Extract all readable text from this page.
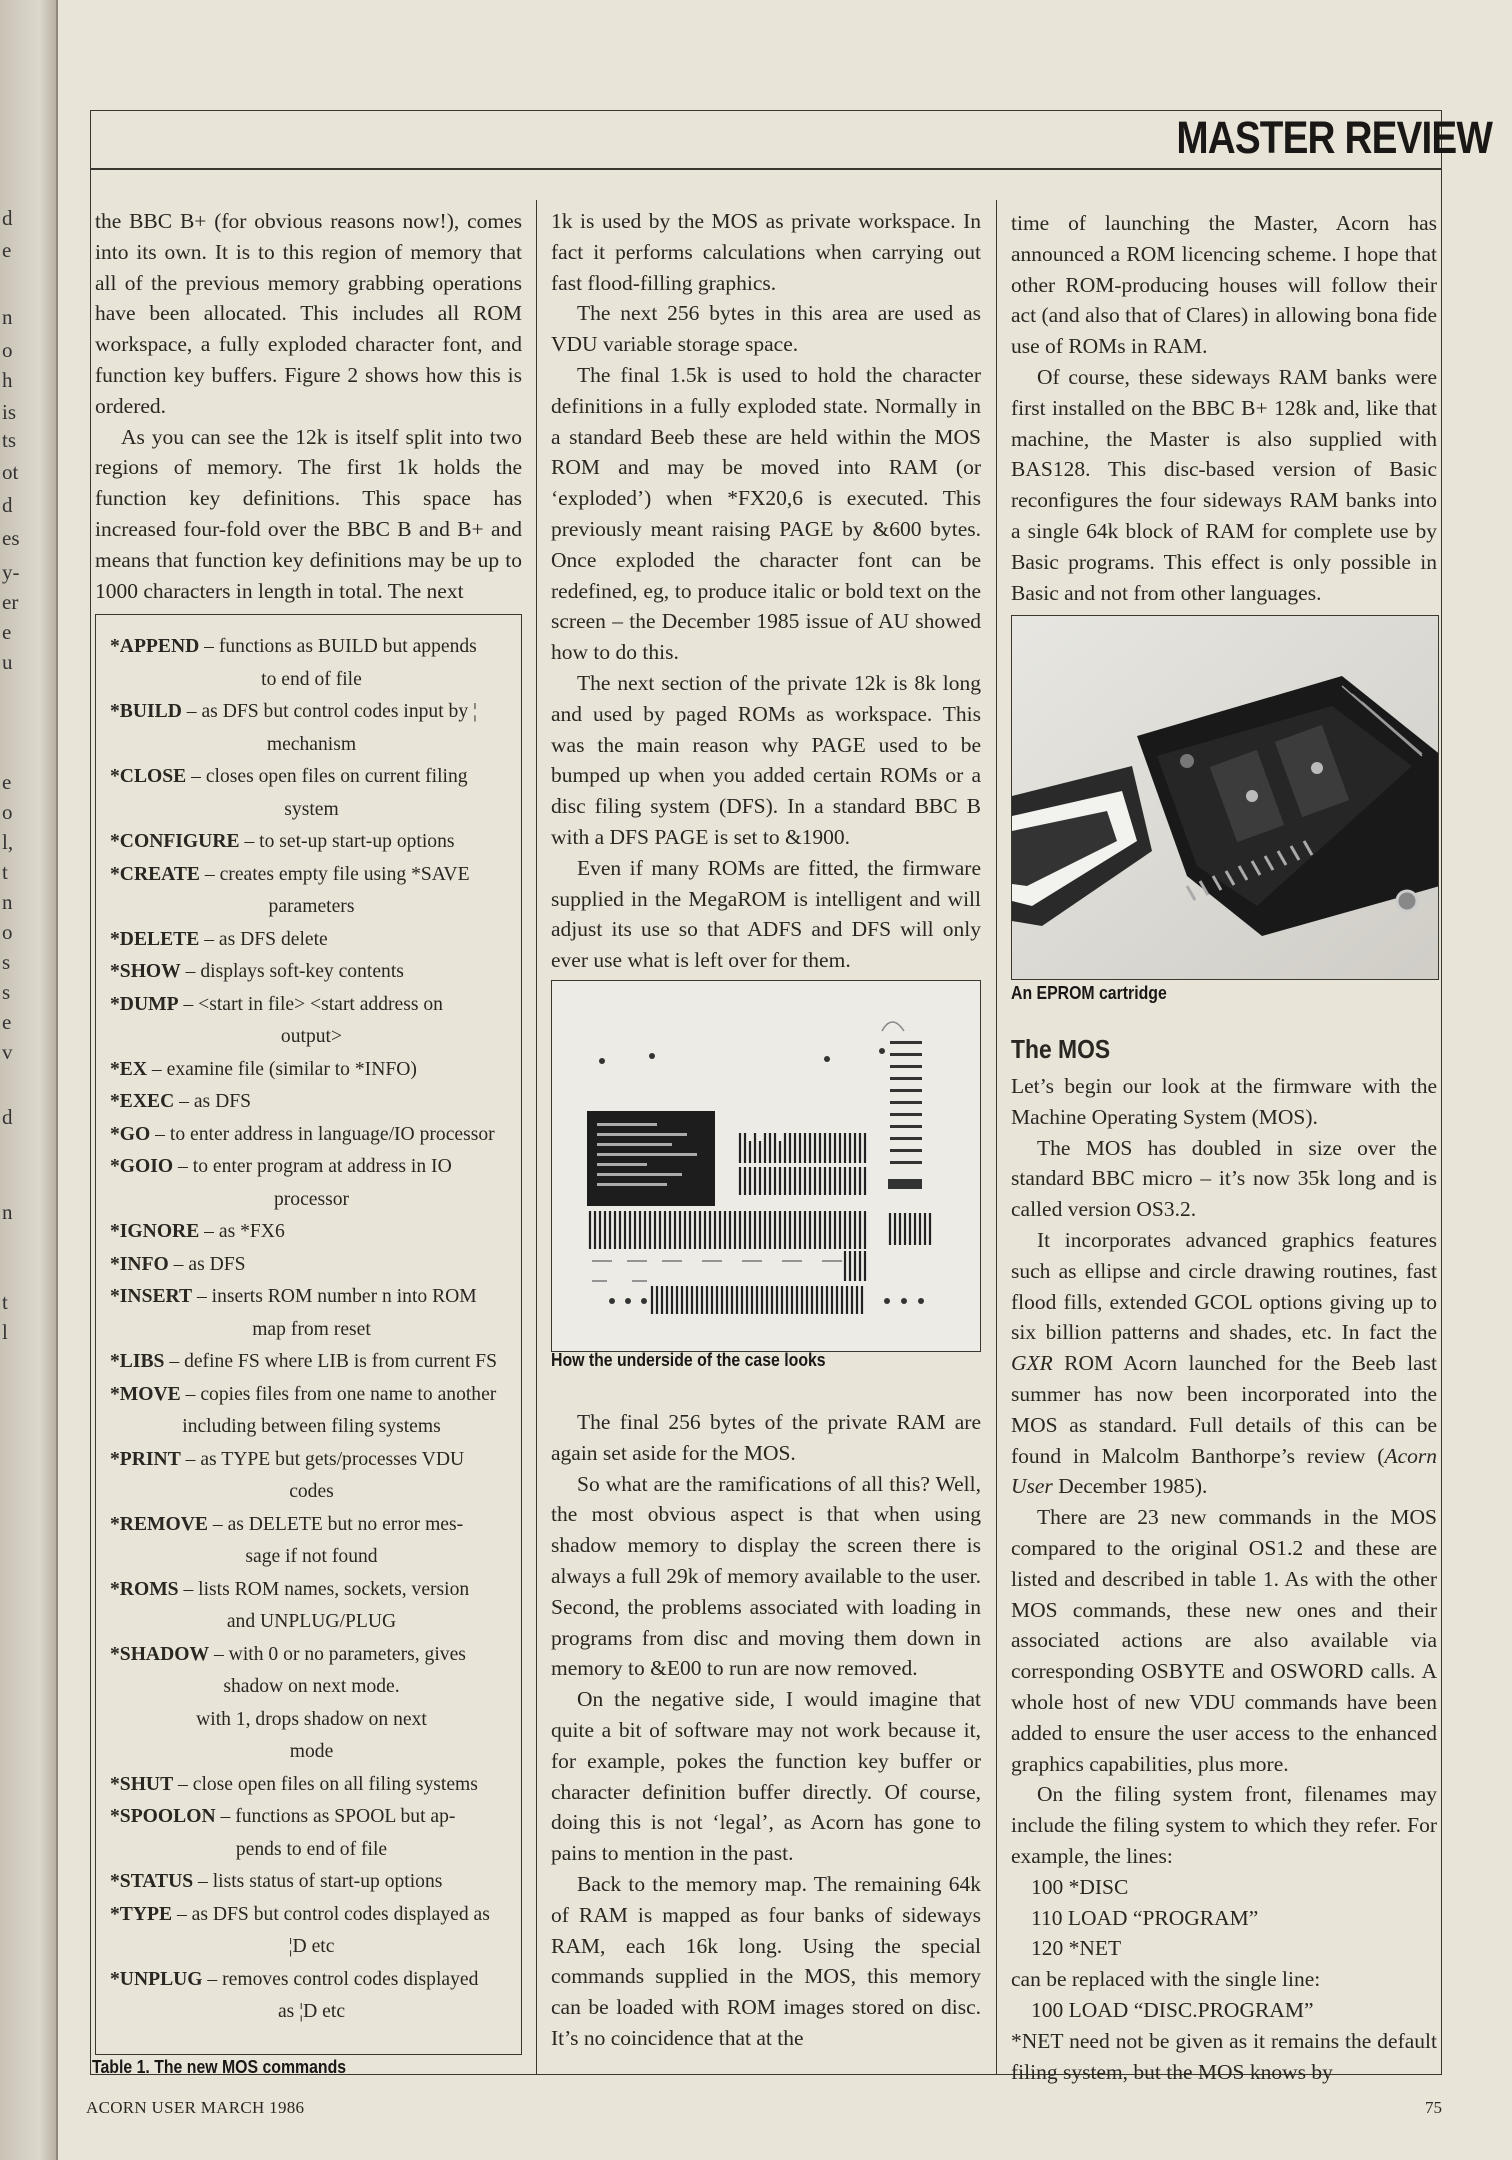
d
e
n
o
h
is
ts
ot
d
es
y-
er
e
u
e
o
l,
t
n
o
s
s
e
v
d
n
t
l
MASTER REVIEW

the BBC B+ (for obvious reasons now!), comes into its own. It is to this region of memory that all of the previous memory grabbing operations have been allocated. This includes all ROM workspace, a fully exploded character font, and function key buffers. Figure 2 shows how this is ordered.

As you can see the 12k is itself split into two regions of memory. The first 1k holds the function key definitions. This space has increased four-fold over the BBC B and B+ and means that function key definitions may be up to 1000 characters in length in total. The next

*APPEND – functions as BUILD but appends
to end of file
*BUILD – as DFS but control codes input by ¦
mechanism
*CLOSE – closes open files on current filing
system
*CONFIGURE – to set-up start-up options
*CREATE – creates empty file using *SAVE
parameters
*DELETE – as DFS delete
*SHOW – displays soft-key contents
*DUMP – <start in file> <start address on
output>
*EX – examine file (similar to *INFO)
*EXEC – as DFS
*GO – to enter address in language/IO processor
*GOIO – to enter program at address in IO
processor
*IGNORE – as *FX6
*INFO – as DFS
*INSERT – inserts ROM number n into ROM
map from reset
*LIBS – define FS where LIB is from current FS
*MOVE – copies files from one name to another
including between filing systems
*PRINT – as TYPE but gets/processes VDU
codes
*REMOVE – as DELETE but no error mes-
sage if not found
*ROMS – lists ROM names, sockets, version
and UNPLUG/PLUG
*SHADOW – with 0 or no parameters, gives
shadow on next mode.
with 1, drops shadow on next
mode
*SHUT – close open files on all filing systems
*SPOOLON – functions as SPOOL but ap-
pends to end of file
*STATUS – lists status of start-up options
*TYPE – as DFS but control codes displayed as
¦D etc
*UNPLUG – removes control codes displayed
as ¦D etc
Table 1. The new MOS commands

1k is used by the MOS as private workspace. In fact it performs calculations when carrying out fast flood-filling graphics.

The next 256 bytes in this area are used as VDU variable storage space.

The final 1.5k is used to hold the character definitions in a fully exploded state. Normally in a standard Beeb these are held within the MOS ROM and may be moved into RAM (or ‘exploded’) when *FX20,6 is executed. This previously meant raising PAGE by &600 bytes. Once exploded the character font can be redefined, eg, to produce italic or bold text on the screen – the December 1985 issue of AU showed how to do this.

The next section of the private 12k is 8k long and used by paged ROMs as workspace. This was the main reason why PAGE used to be bumped up when you added certain ROMs or a disc filing system (DFS). In a standard BBC B with a DFS PAGE is set to &1900.

Even if many ROMs are fitted, the firmware supplied in the MegaROM is intelligent and will adjust its use so that ADFS and DFS will only ever use what is left over for them.

How the underside of the case looks

The final 256 bytes of the private RAM are again set aside for the MOS.

So what are the ramifications of all this? Well, the most obvious aspect is that when using shadow memory to display the screen there is always a full 29k of memory available to the user. Second, the problems associated with loading in programs from disc and moving them down in memory to &E00 to run are now removed.

On the negative side, I would imagine that quite a bit of software may not work because it, for example, pokes the function key buffer or character definition buffer directly. Of course, doing this is not ‘legal’, as Acorn has gone to pains to mention in the past.

Back to the memory map. The remaining 64k of RAM is mapped as four banks of sideways RAM, each 16k long. Using the special commands supplied in the MOS, this memory can be loaded with ROM images stored on disc. It’s no coincidence that at the

time of launching the Master, Acorn has announced a ROM licencing scheme. I hope that other ROM-producing houses will follow their act (and also that of Clares) in allowing bona fide use of ROMs in RAM.

Of course, these sideways RAM banks were first installed on the BBC B+ 128k and, like that machine, the Master is also supplied with BAS128. This disc-based version of Basic reconfigures the four sideways RAM banks into a single 64k block of RAM for complete use by Basic programs. This effect is only possible in Basic and not from other languages.

An EPROM cartridge
The MOS

Let’s begin our look at the firmware with the Machine Operating System (MOS).

The MOS has doubled in size over the standard BBC micro – it’s now 35k long and is called version OS3.2.

It incorporates advanced graphics features such as ellipse and circle drawing routines, fast flood fills, extended GCOL options giving up to six billion patterns and shades, etc. In fact the GXR ROM Acorn launched for the Beeb last summer has now been incorporated into the MOS as standard. Full details of this can be found in Malcolm Banthorpe’s review (Acorn User December 1985).

There are 23 new commands in the MOS compared to the original OS1.2 and these are listed and described in table 1. As with the other MOS commands, these new ones and their associated actions are also available via corresponding OSBYTE and OSWORD calls. A whole host of new VDU commands have been added to ensure the user access to the enhanced graphics capabilities, plus more.

On the filing system front, filenames may include the filing system to which they refer. For example, the lines:

100 *DISC

110 LOAD “PROGRAM”

120 *NET

can be replaced with the single line:

100 LOAD “DISC.PROGRAM”

*NET need not be given as it remains the default filing system, but the MOS knows by

ACORN USER MARCH 1986	75
